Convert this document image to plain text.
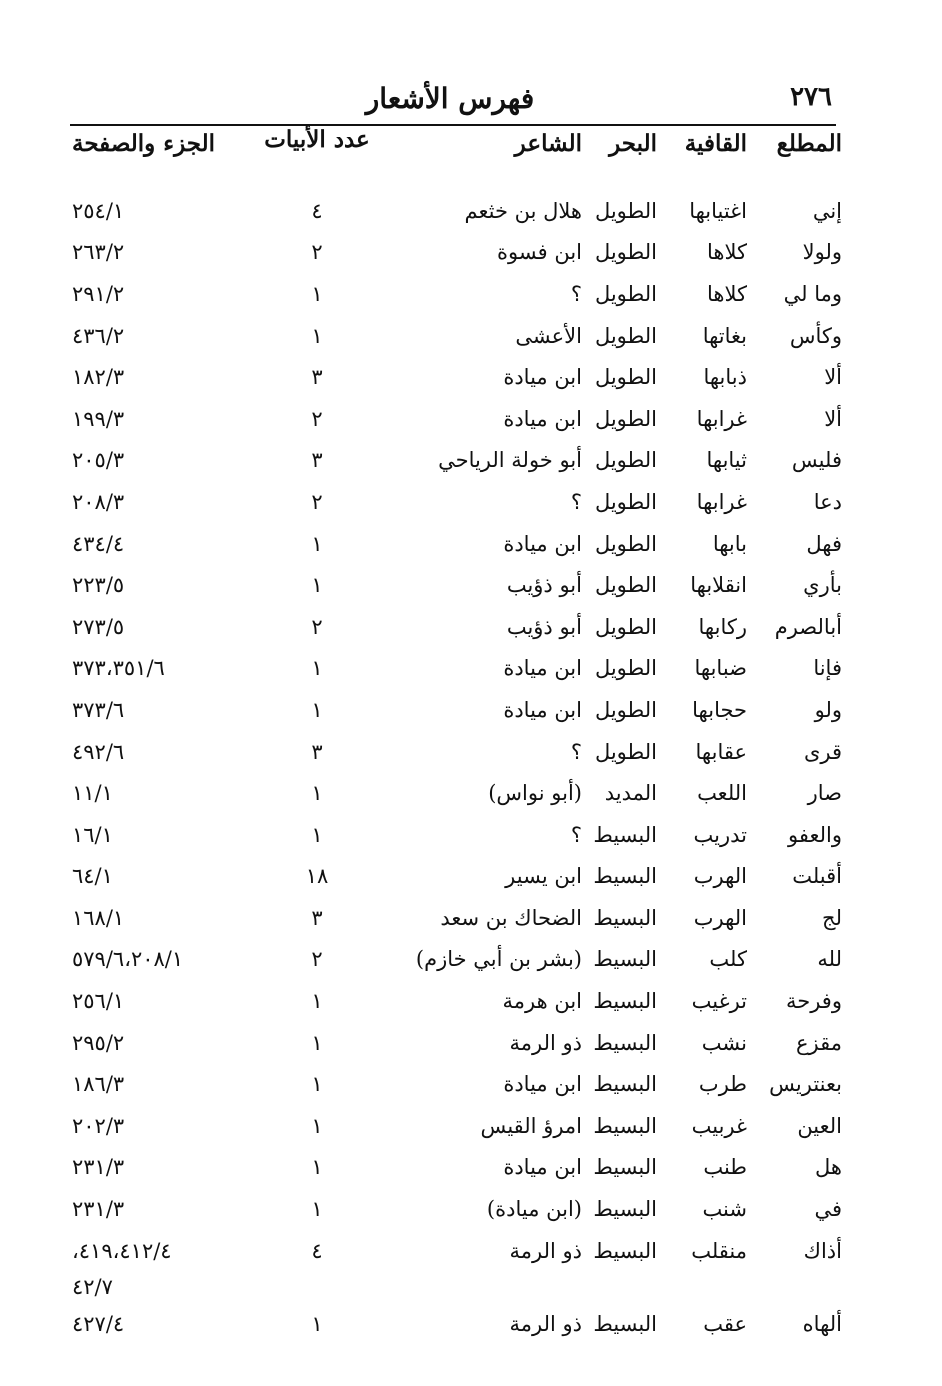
٢٧٦
فهرس الأشعار
المطلع
القافية
البحر
الشاعر
عدد الأبيات
الجزء والصفحة
إني
اغتيابها
الطويل
هلال بن خثعم
٤
٢٥٤/١
ولولا
كلاها
الطويل
ابن فسوة
٢
٢٦٣/٢
وما لي
كلاها
الطويل
؟
١
٢٩١/٢
وكأس
بغاتها
الطويل
الأعشى
١
٤٣٦/٢
ألا
ذبابها
الطويل
ابن ميادة
٣
١٨٢/٣
ألا
غرابها
الطويل
ابن ميادة
٢
١٩٩/٣
فليس
ثيابها
الطويل
أبو خولة الرياحي
٣
٢٠٥/٣
دعا
غرابها
الطويل
؟
٢
٢٠٨/٣
فهل
بابها
الطويل
ابن ميادة
١
٤٣٤/٤
بأري
انقلابها
الطويل
أبو ذؤيب
١
٢٢٣/٥
أبالصرم
ركابها
الطويل
أبو ذؤيب
٢
٢٧٣/٥
فإنا
ضبابها
الطويل
ابن ميادة
١
٣٧٣،٣٥١/٦
ولو
حجابها
الطويل
ابن ميادة
١
٣٧٣/٦
قرى
عقابها
الطويل
؟
٣
٤٩٢/٦
صار
اللعب
المديد
(أبو نواس)
١
١١/١
والعفو
تدريب
البسيط
؟
١
١٦/١
أقبلت
الهرب
البسيط
ابن يسير
١٨
٦٤/١
لج
الهرب
البسيط
الضحاك بن سعد
٣
١٦٨/١
لله
كلب
البسيط
(بشر بن أبي خازم)
٢
٥٧٩/٦،٢٠٨/١
وفرحة
ترغيب
البسيط
ابن هرمة
١
٢٥٦/١
مقزع
نشب
البسيط
ذو الرمة
١
٢٩٥/٢
بعنتريس
طرب
البسيط
ابن ميادة
١
١٨٦/٣
العين
غربيب
البسيط
امرؤ القيس
١
٢٠٢/٣
هل
طنب
البسيط
ابن ميادة
١
٢٣١/٣
في
شنب
البسيط
(ابن ميادة)
١
٢٣١/٣
أذاك
منقلب
البسيط
ذو الرمة
٤
٤١٩،٤١٢/٤،
٤٢/٧
ألهاه
عقب
البسيط
ذو الرمة
١
٤٢٧/٤
